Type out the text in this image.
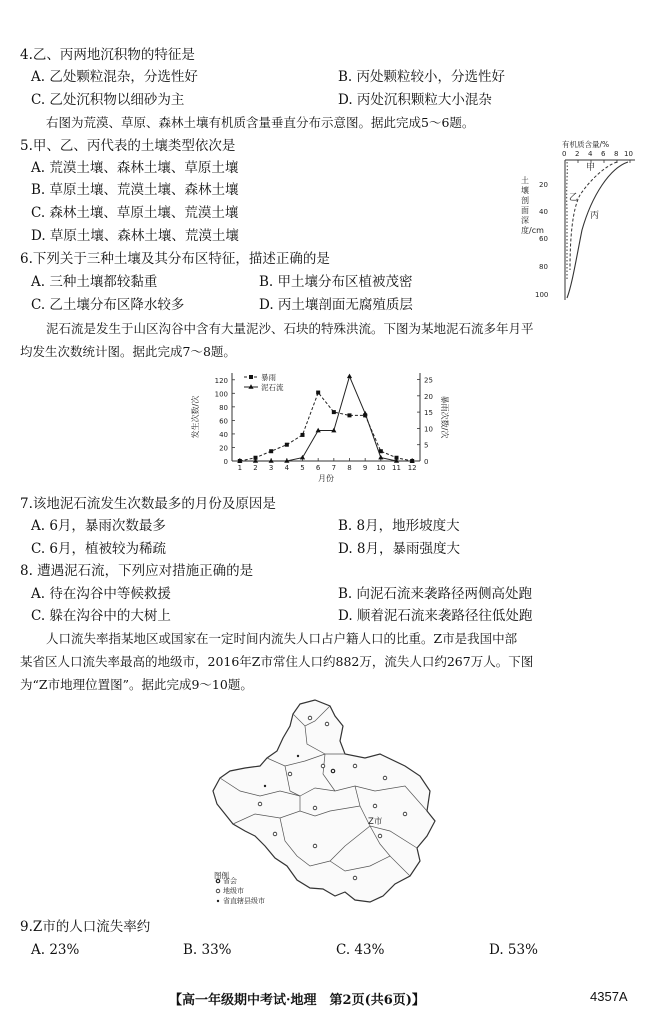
4.乙、丙两地沉积物的特征是
A. 乙处颗粒混杂，分选性好	B. 丙处颗粒较小，分选性好
C. 乙处沉积物以细砂为主	D. 丙处沉积颗粒大小混杂
右图为荒漠、草原、森林土壤有机质含量垂直分布示意图。据此完成5～6题。
5.甲、乙、丙代表的土壤类型依次是
A. 荒漠土壤、森林土壤、草原土壤
B. 草原土壤、荒漠土壤、森林土壤
C. 森林土壤、草原土壤、荒漠土壤
D. 草原土壤、森林土壤、荒漠土壤
有机质含量/%
0 2 4 6 8 10
20
40
60
80
100
土壤剖面深度/cm
甲
乙
丙
6.下列关于三种土壤及其分布区特征，描述正确的是
A. 三种土壤都较黏重	B. 甲土壤分布区植被茂密
C. 乙土壤分布区降水较多	D. 丙土壤剖面无腐殖质层
泥石流是发生于山区沟谷中含有大量泥沙、石块的特殊洪流。下图为某地泥石流多年月平
均发生次数统计图。据此完成7～8题。
0
20
40
60
80
100
120
0
5
10
15
20
25
1 2 3 4 5 6 7 8 9 10 11 12
月份
发生次数/次	暴雨次数/次
暴雨
泥石流
7.该地泥石流发生次数最多的月份及原因是
A. 6月，暴雨次数最多	B. 8月，地形坡度大
C. 6月，植被较为稀疏	D. 8月，暴雨强度大
8. 遭遇泥石流，下列应对措施正确的是
A. 待在沟谷中等候救援	B. 向泥石流来袭路径两侧高处跑
C. 躲在沟谷中的大树上	D. 顺着泥石流来袭路径往低处跑
人口流失率指某地区或国家在一定时间内流失人口占户籍人口的比重。Z市是我国中部
某省区人口流失率最高的地级市，2016年Z市常住人口约882万，流失人口约267万人。下图
为“Z市地理位置图”。据此完成9～10题。
Z市
图例
省会
地级市
省直辖县级市
9.Z市的人口流失率约
A. 23%	B. 33%	C. 43%	D. 53%
【高一年级期中考试·地理　第2页(共6页)】	4357A
